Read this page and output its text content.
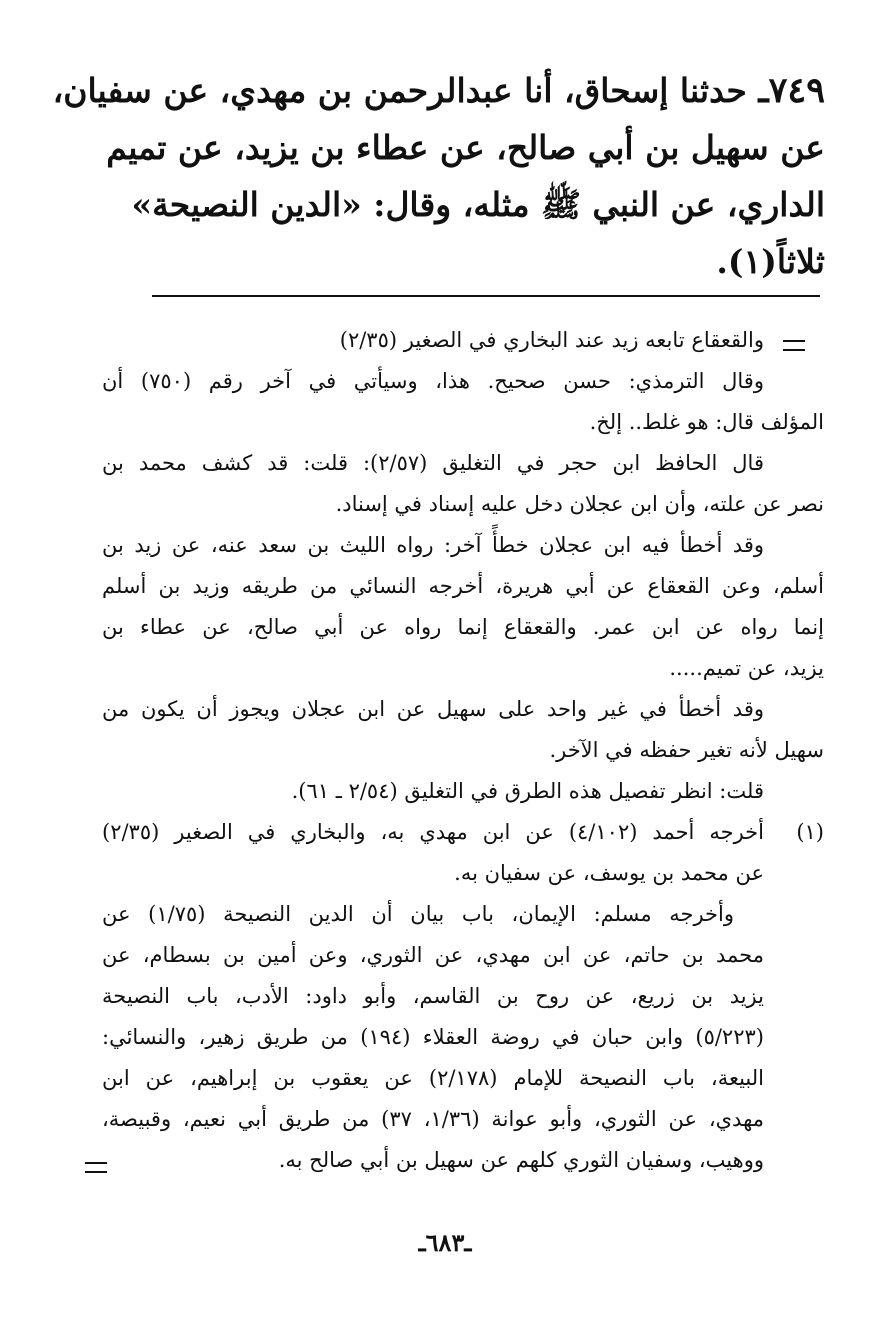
٧٤٩ـ حدثنا إسحاق، أنا عبدالرحمن بن مهدي، عن سفيان،
عن سهيل بن أبي صالح، عن عطاء بن يزيد، عن تميم
الداري، عن النبي ﷺ مثله، وقال: «الدين النصيحة»
ثلاثاً(١).
والقعقاع تابعه زيد عند البخاري في الصغير (٢/٣٥)
وقال الترمذي: حسن صحيح. هذا، وسيأتي في آخر رقم (٧٥٠) أن
المؤلف قال: هو غلط.. إلخ.
قال الحافظ ابن حجر في التغليق (٢/٥٧): قلت: قد كشف محمد بن
نصر عن علته، وأن ابن عجلان دخل عليه إسناد في إسناد.
وقد أخطأ فيه ابن عجلان خطأً آخر: رواه الليث بن سعد عنه، عن زيد بن
أسلم، وعن القعقاع عن أبي هريرة، أخرجه النسائي من طريقه وزيد بن أسلم
إنما رواه عن ابن عمر. والقعقاع إنما رواه عن أبي صالح، عن عطاء بن
يزيد، عن تميم.....
وقد أخطأ في غير واحد على سهيل عن ابن عجلان ويجوز أن يكون من
سهيل لأنه تغير حفظه في الآخر.
قلت: انظر تفصيل هذه الطرق في التغليق (٢/٥٤ ـ ٦١).
(١)
أخرجه أحمد (٤/١٠٢) عن ابن مهدي به، والبخاري في الصغير (٢/٣٥)
عن محمد بن يوسف، عن سفيان به.
وأخرجه مسلم: الإيمان، باب بيان أن الدين النصيحة (١/٧٥) عن
محمد بن حاتم، عن ابن مهدي، عن الثوري، وعن أمين بن بسطام، عن
يزيد بن زريع، عن روح بن القاسم، وأبو داود: الأدب، باب النصيحة
(٥/٢٢٣) وابن حبان في روضة العقلاء (١٩٤) من طريق زهير، والنسائي:
البيعة، باب النصيحة للإمام (٢/١٧٨) عن يعقوب بن إبراهيم، عن ابن
مهدي، عن الثوري، وأبو عوانة (١/٣٦، ٣٧) من طريق أبي نعيم، وقبيصة،
ووهيب، وسفيان الثوري كلهم عن سهيل بن أبي صالح به.
ـ٦٨٣ـ
